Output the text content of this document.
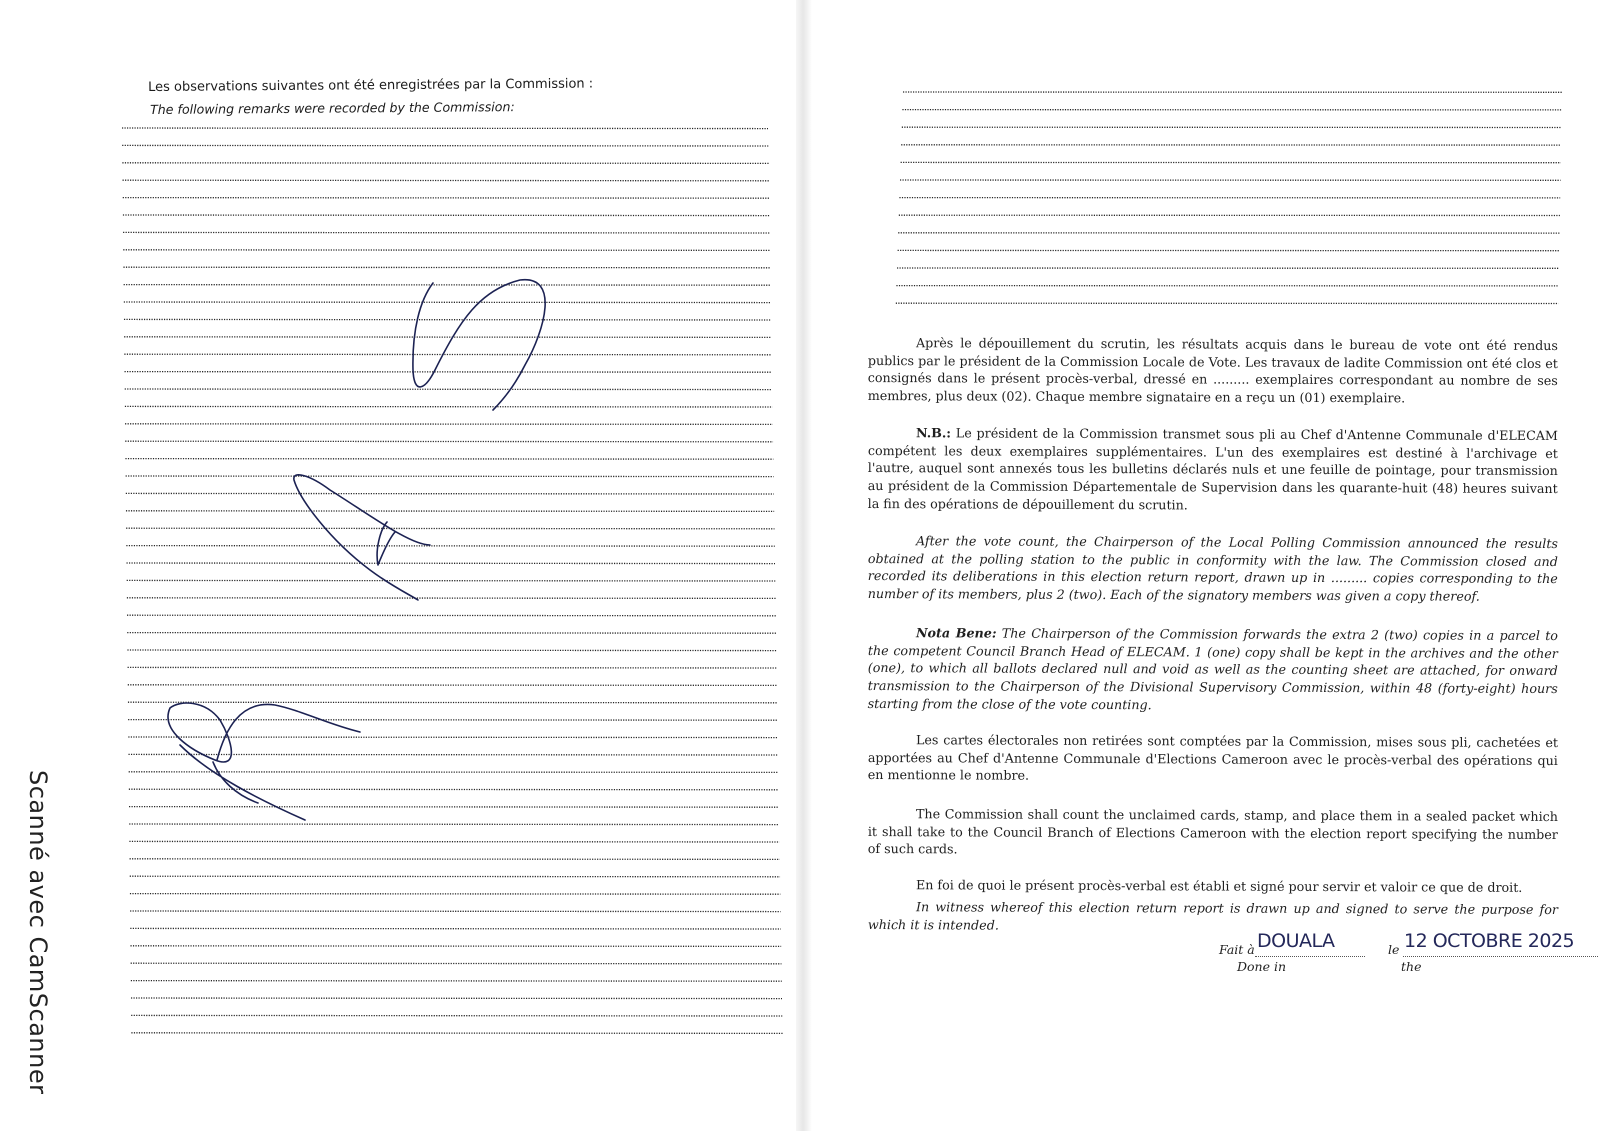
Les observations suivantes ont été enregistrées par la Commission :
The following remarks were recorded by the Commission:
Après le dépouillement du scrutin, les résultats acquis dans le bureau de vote ont été rendus publics par le président de la Commission Locale de Vote. Les travaux de ladite Commission ont été clos et consignés dans le présent procès-verbal, dressé en ......... exemplaires correspondant au nombre de ses membres, plus deux (02). Chaque membre signataire en a reçu un (01) exemplaire.
N.B.: Le président de la Commission transmet sous pli au Chef d'Antenne Communale d'ELECAM compétent les deux exemplaires supplémentaires. L'un des exemplaires est destiné à l'archivage et l'autre, auquel sont annexés tous les bulletins déclarés nuls et une feuille de pointage, pour transmission au président de la Commission Départementale de Supervision dans les quarante-huit (48) heures suivant la fin des opérations de dépouillement du scrutin.
After the vote count, the Chairperson of the Local Polling Commission announced the results obtained at the polling station to the public in conformity with the law. The Commission closed and recorded its deliberations in this election return report, drawn up in ......... copies corresponding to the number of its members, plus 2 (two). Each of the signatory members was given a copy thereof.
Nota Bene: The Chairperson of the Commission forwards the extra 2 (two) copies in a parcel to the competent Council Branch Head of ELECAM. 1 (one) copy shall be kept in the archives and the other (one), to which all ballots declared null and void as well as the counting sheet are attached, for onward transmission to the Chairperson of the Divisional Supervisory Commission, within 48 (forty-eight) hours starting from the close of the vote counting.
Les cartes électorales non retirées sont comptées par la Commission, mises sous pli, cachetées et apportées au Chef d'Antenne Communale d'Elections Cameroon avec le procès-verbal des opérations qui en mentionne le nombre.
The Commission shall count the unclaimed cards, stamp, and place them in a sealed packet which it shall take to the Council Branch of Elections Cameroon with the election report specifying the number of such cards.
En foi de quoi le présent procès-verbal est établi et signé pour servir et valoir ce que de droit.
In witness whereof this election return report is drawn up and signed to serve the purpose for which it is intended.
Fait à
Done in
DOUALA	le
the
12 OCTOBRE 2025
Scanné avec CamScanner
